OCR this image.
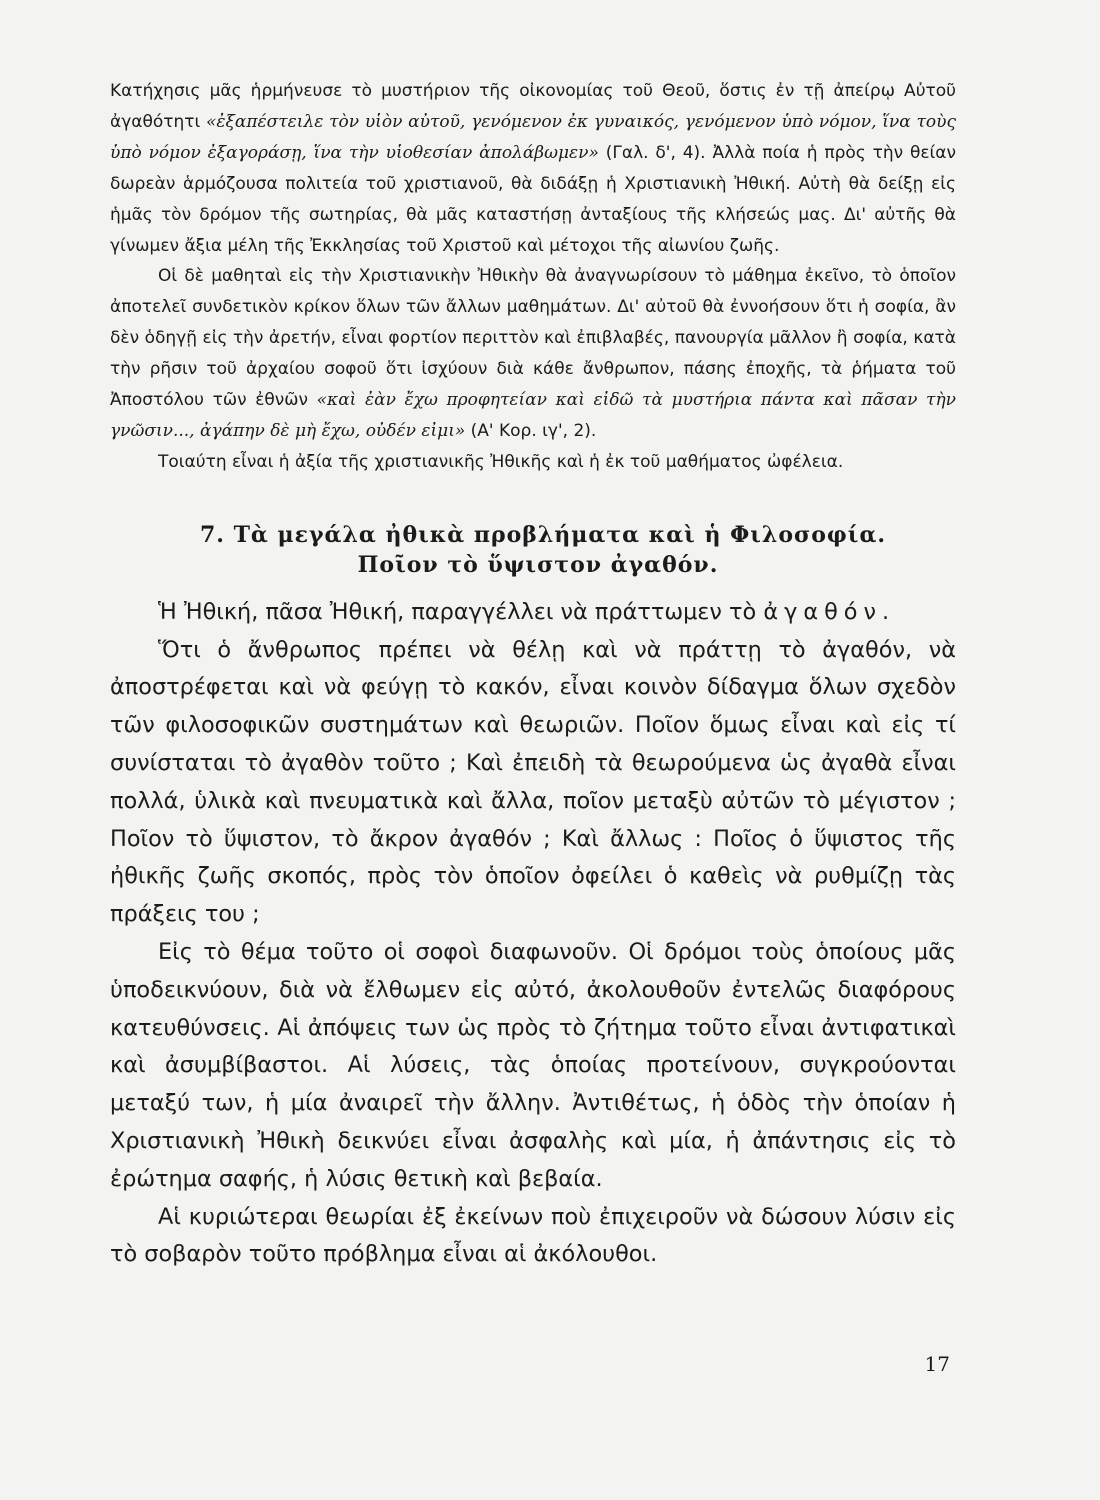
Κατήχησις μᾶς ἡρμήνευσε τὸ μυστήριον τῆς οἰκονομίας τοῦ Θεοῦ, ὅστις ἐν τῇ ἀπείρῳ Αὐτοῦ ἀγαθότητι «ἐξαπέστειλε τὸν υἱὸν αὐτοῦ, γενόμενον ἐκ γυναικός, γενόμενον ὑπὸ νόμον, ἵνα τοὺς ὑπὸ νόμον ἐξαγοράσῃ, ἵνα τὴν υἱοθεσίαν ἀπολάβωμεν» (Γαλ. δ', 4). Ἀλλὰ ποία ἡ πρὸς τὴν θείαν δωρεὰν ἁρμόζουσα πολιτεία τοῦ χριστιανοῦ, θὰ διδάξῃ ἡ Χριστιανικὴ Ἠθική. Αὐτὴ θὰ δείξῃ εἰς ἡμᾶς τὸν δρόμον τῆς σωτηρίας, θὰ μᾶς καταστήσῃ ἀνταξίους τῆς κλήσεώς μας. Δι' αὐτῆς θὰ γίνωμεν ἄξια μέλη τῆς Ἐκκλησίας τοῦ Χριστοῦ καὶ μέτοχοι τῆς αἰωνίου ζωῆς.

Οἱ δὲ μαθηταὶ εἰς τὴν Χριστιανικὴν Ἠθικὴν θὰ ἀναγνωρίσουν τὸ μάθημα ἐκεῖνο, τὸ ὁποῖον ἀποτελεῖ συνδετικὸν κρίκον ὅλων τῶν ἄλλων μαθημάτων. Δι' αὐτοῦ θὰ ἐννοήσουν ὅτι ἡ σοφία, ἂν δὲν ὁδηγῇ εἰς τὴν ἀρετήν, εἶναι φορτίον περιττὸν καὶ ἐπιβλαβές, πανουργία μᾶλλον ἢ σοφία, κατὰ τὴν ρῆσιν τοῦ ἀρχαίου σοφοῦ ὅτι ἰσχύουν διὰ κάθε ἄνθρωπον, πάσης ἐποχῆς, τὰ ῥήματα τοῦ Ἀποστόλου τῶν ἐθνῶν «καὶ ἐὰν ἔχω προφητείαν καὶ εἰδῶ τὰ μυστήρια πάντα καὶ πᾶσαν τὴν γνῶσιν..., ἀγάπην δὲ μὴ ἔχω, οὐδέν εἰμι» (Α' Κορ. ιγ', 2).

Τοιαύτη εἶναι ἡ ἀξία τῆς χριστιανικῆς Ἠθικῆς καὶ ἡ ἐκ τοῦ μαθήματος ὠφέλεια.

7. Τὰ μεγάλα ἠθικὰ προβλήματα καὶ ἡ Φιλοσοφία.
Ποῖον τὸ ὕψιστον ἀγαθόν.

Ἡ Ἠθική, πᾶσα Ἠθική, παραγγέλλει νὰ πράττωμεν τὸ ἀγαθόν.

Ὅτι ὁ ἄνθρωπος πρέπει νὰ θέλῃ καὶ νὰ πράττῃ τὸ ἀγαθόν, νὰ ἀποστρέφεται καὶ νὰ φεύγῃ τὸ κακόν, εἶναι κοινὸν δίδαγμα ὅλων σχεδὸν τῶν φιλοσοφικῶν συστημάτων καὶ θεωριῶν. Ποῖον ὅμως εἶναι καὶ εἰς τί συνίσταται τὸ ἀγαθὸν τοῦτο ; Καὶ ἐπειδὴ τὰ θεωρούμενα ὡς ἀγαθὰ εἶναι πολλά, ὑλικὰ καὶ πνευματικὰ καὶ ἄλλα, ποῖον μεταξὺ αὐτῶν τὸ μέγιστον ; Ποῖον τὸ ὕψιστον, τὸ ἄκρον ἀγαθόν ; Καὶ ἄλλως : Ποῖος ὁ ὕψιστος τῆς ἠθικῆς ζωῆς σκοπός, πρὸς τὸν ὁποῖον ὀφείλει ὁ καθεὶς νὰ ρυθμίζῃ τὰς πράξεις του ;

Εἰς τὸ θέμα τοῦτο οἱ σοφοὶ διαφωνοῦν. Οἱ δρόμοι τοὺς ὁποίους μᾶς ὑποδεικνύουν, διὰ νὰ ἔλθωμεν εἰς αὐτό, ἀκολουθοῦν ἐντελῶς διαφόρους κατευθύνσεις. Αἱ ἀπόψεις των ὡς πρὸς τὸ ζήτημα τοῦτο εἶναι ἀντιφατικαὶ καὶ ἀσυμβίβαστοι. Αἱ λύσεις, τὰς ὁποίας προτείνουν, συγκρούονται μεταξύ των, ἡ μία ἀναιρεῖ τὴν ἄλλην. Ἀντιθέτως, ἡ ὁδὸς τὴν ὁποίαν ἡ Χριστιανικὴ Ἠθικὴ δεικνύει εἶναι ἀσφαλὴς καὶ μία, ἡ ἀπάντησις εἰς τὸ ἐρώτημα σαφής, ἡ λύσις θετικὴ καὶ βεβαία.

Αἱ κυριώτεραι θεωρίαι ἐξ ἐκείνων ποὺ ἐπιχειροῦν νὰ δώσουν λύσιν εἰς τὸ σοβαρὸν τοῦτο πρόβλημα εἶναι αἱ ἀκόλουθοι.

17
